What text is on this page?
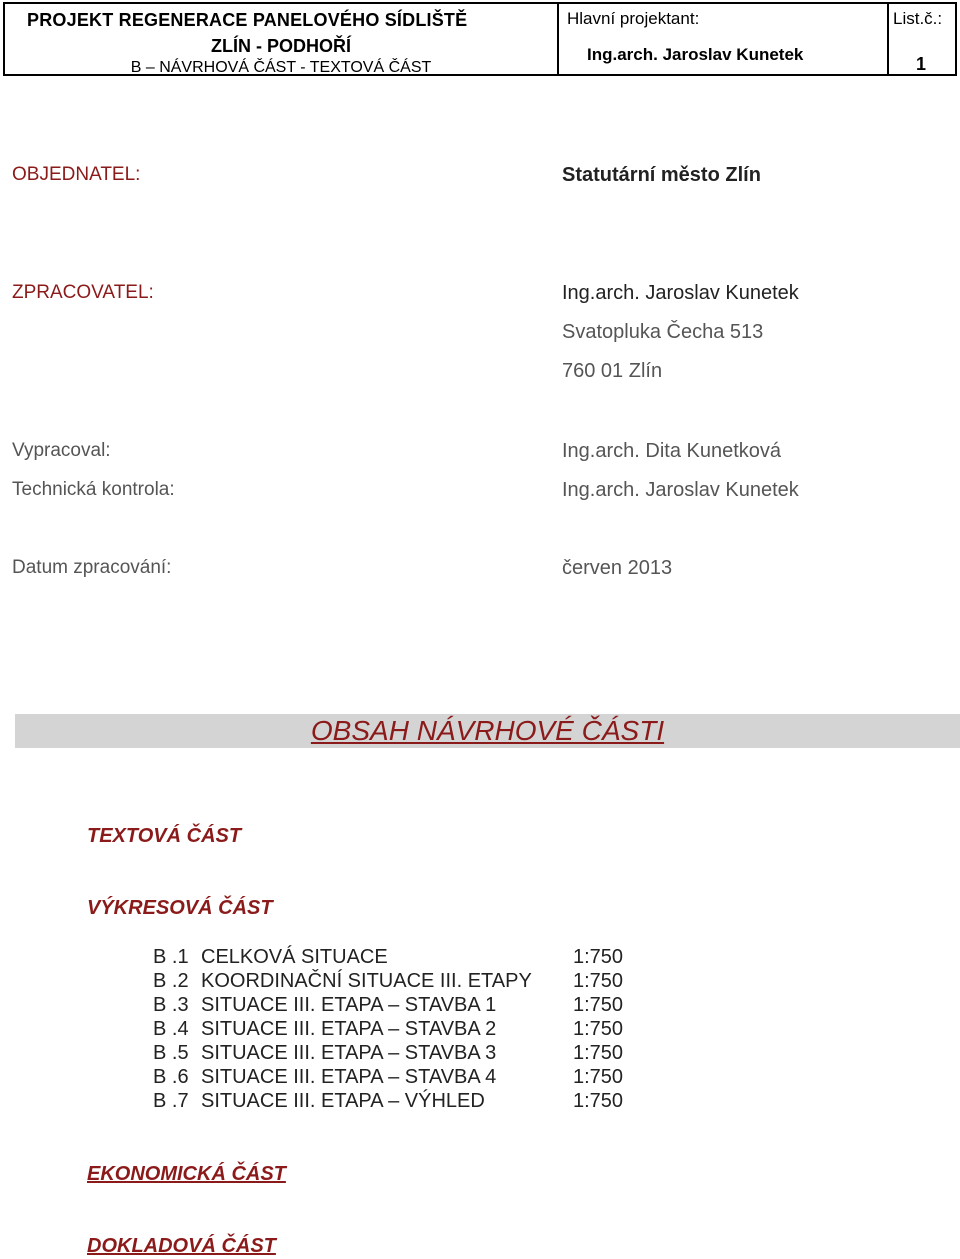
PROJEKT REGENERACE PANELOVÉHO SÍDLIŠTĚ
ZLÍN - PODHOŘÍ
B – NÁVRHOVÁ ČÁST - TEXTOVÁ ČÁST
Hlavní projektant:
Ing.arch. Jaroslav Kunetek
List.č.:
1
OBJEDNATEL:	Statutární město Zlín
ZPRACOVATEL:	Ing.arch. Jaroslav Kunetek
Svatopluka Čecha 513
760 01 Zlín
Vypracoval:	Ing.arch. Dita Kunetková
Technická kontrola:	Ing.arch. Jaroslav Kunetek
Datum zpracování:	červen 2013
OBSAH NÁVRHOVÉ ČÁSTI
TEXTOVÁ ČÁST
VÝKRESOVÁ ČÁST
B .1 CELKOVÁ SITUACE	1:750
B .2 KOORDINAČNÍ SITUACE III. ETAPY 1:750
B .3 SITUACE III. ETAPA – STAVBA 1	1:750
B .4 SITUACE III. ETAPA – STAVBA 2	1:750
B .5 SITUACE III. ETAPA – STAVBA 3	1:750
B .6 SITUACE III. ETAPA – STAVBA 4	1:750
B .7 SITUACE III. ETAPA – VÝHLED	1:750
EKONOMICKÁ ČÁST
DOKLADOVÁ ČÁST
